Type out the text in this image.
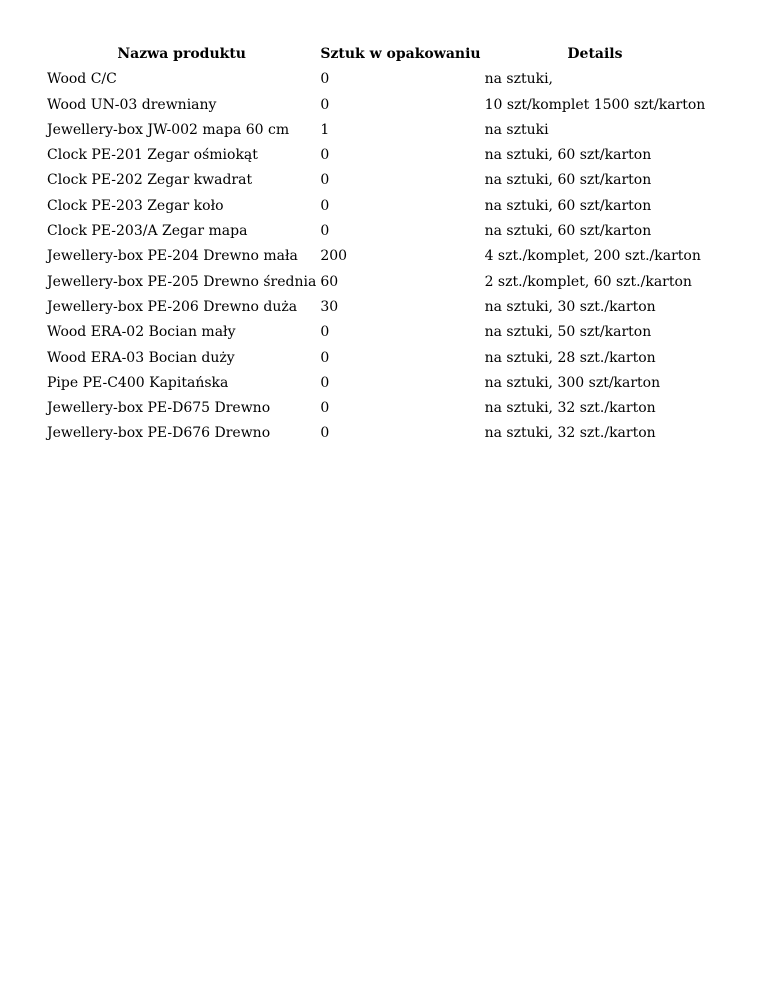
Nazwa produktu	Sztuk w opakowaniu	Details
Wood C/C	0	na sztuki,
Wood UN-03 drewniany	0	10 szt/komplet 1500 szt/karton
Jewellery-box JW-002 mapa 60 cm	1	na sztuki
Clock PE-201 Zegar ośmiokąt	0	na sztuki, 60 szt/karton
Clock PE-202 Zegar kwadrat	0	na sztuki, 60 szt/karton
Clock PE-203 Zegar koło	0	na sztuki, 60 szt/karton
Clock PE-203/A Zegar mapa	0	na sztuki, 60 szt/karton
Jewellery-box PE-204 Drewno mała	200	4 szt./komplet, 200 szt./karton
Jewellery-box PE-205 Drewno średnia	60	2 szt./komplet, 60 szt./karton
Jewellery-box PE-206 Drewno duża	30	na sztuki, 30 szt./karton
Wood ERA-02 Bocian mały	0	na sztuki, 50 szt/karton
Wood ERA-03 Bocian duży	0	na sztuki, 28 szt./karton
Pipe PE-C400 Kapitańska	0	na sztuki, 300 szt/karton
Jewellery-box PE-D675 Drewno	0	na sztuki, 32 szt./karton
Jewellery-box PE-D676 Drewno	0	na sztuki, 32 szt./karton
